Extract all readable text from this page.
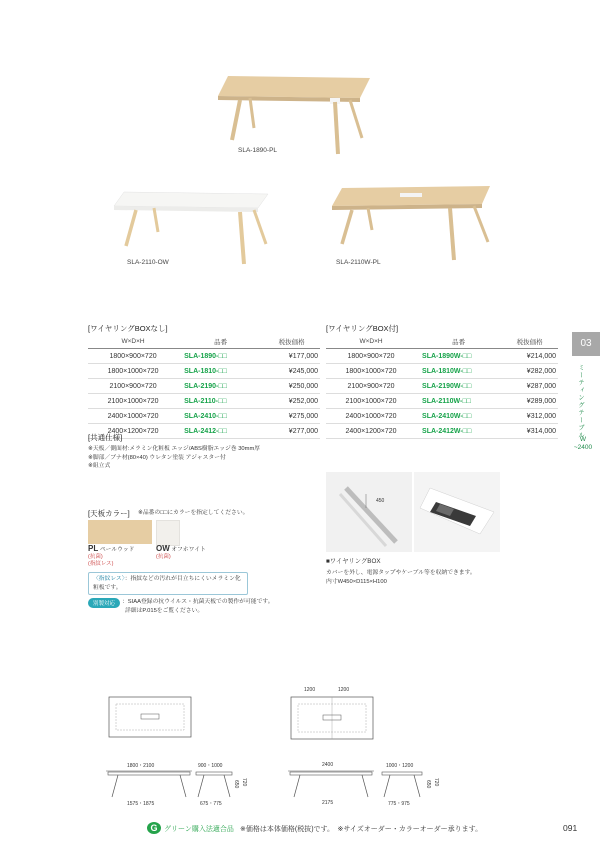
SLA-1890-PL
SLA-2110-OW	SLA-2110W-PL
[ワイヤリングBOXなし]
W×D×H	品番	税抜価格
1800×900×720	SLA-1890-□□	¥177,000
1800×1000×720	SLA-1810-□□	¥245,000
2100×900×720	SLA-2190-□□	¥250,000
2100×1000×720	SLA-2110-□□	¥252,000
2400×1000×720	SLA-2410-□□	¥275,000
2400×1200×720	SLA-2412-□□	¥277,000
[ワイヤリングBOX付]
W×D×H	品番	税抜価格
1800×900×720	SLA-1890W-□□	¥214,000
1800×1000×720	SLA-1810W-□□	¥282,000
2100×900×720	SLA-2190W-□□	¥287,000
2100×1000×720	SLA-2110W-□□	¥289,000
2400×1000×720	SLA-2410W-□□	¥312,000
2400×1200×720	SLA-2412W-□□	¥314,000
03
ミーティングテーブル
W
~2400
[共通仕様]
※天板／側面材:メラミン化粧板 エッジ/ABS樹脂エッジ巻 30mm厚
※脚部／ブナ材(80×40) ウレタン塗装 アジャスター付
※組立式
[天板カラー] ※品番の□□にカラーを指定してください。
PL ペールウッド
(抗菌)
(指紋レス)
OW オフホワイト
(抗菌)
〈指紋レス〉：指紋などの汚れが目立ちにくいメラミン化粧板です。
別製対応	：SIAA登録の抗ウイルス・抗菌天板での製作が可能です。
詳細はP.015をご覧ください。
450
■ワイヤリングBOX
カバーを外し、電源タップやケーブル等を収納できます。
内寸W450×D115×H100
1200	1200
1800・2100
1575・1875
900・1000
675・775
650 720
2400
2175
1000・1200
775・975
650 720
G グリーン購入法適合品 ※価格は本体価格(税抜)です。　※サイズオーダー・カラーオーダー承ります。	091
